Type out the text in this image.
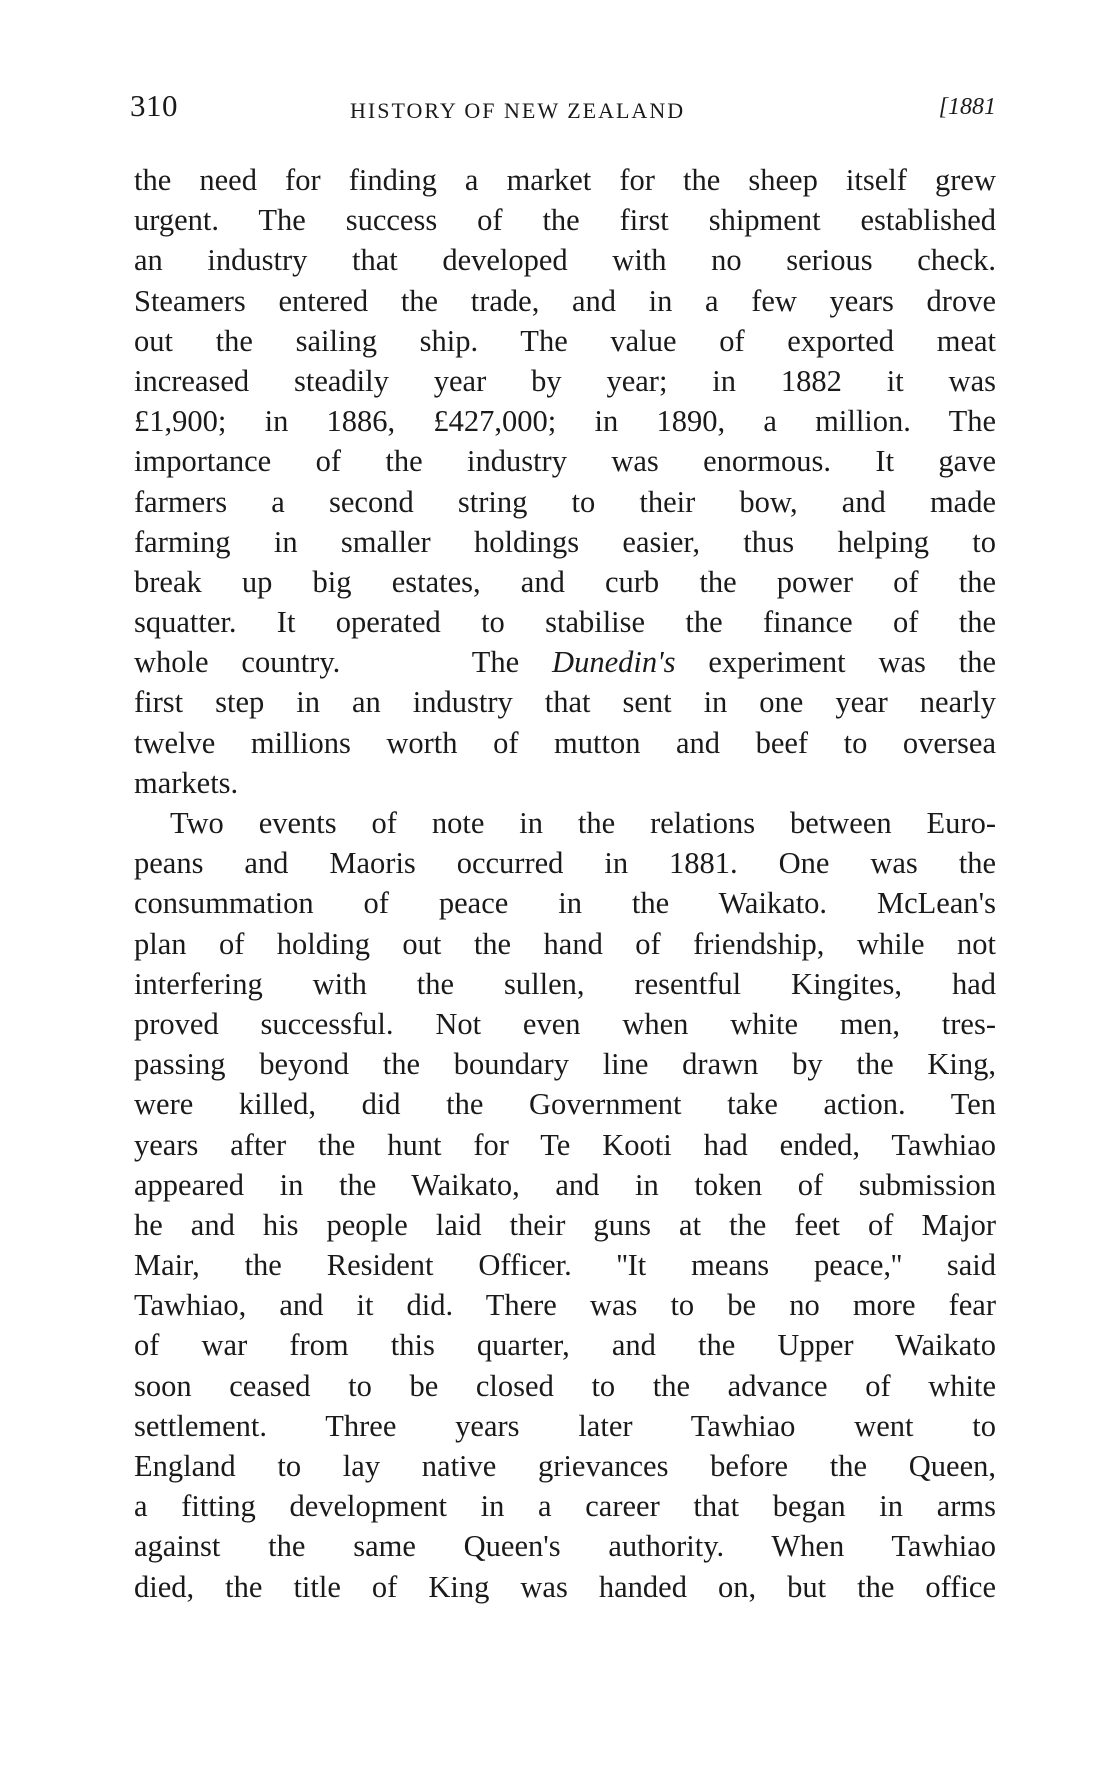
310	HISTORY OF NEW ZEALAND	[1881
the need for finding a market for the sheep itself grew
urgent. The success of the first shipment established
an industry that developed with no serious check.
Steamers entered the trade, and in a few years drove
out the sailing ship. The value of exported meat
increased steadily year by year; in 1882 it was
£1,900; in 1886, £427,000; in 1890, a million. The
importance of the industry was enormous. It gave
farmers a second string to their bow, and made
farming in smaller holdings easier, thus helping to
break up big estates, and curb the power of the
squatter. It operated to stabilise the finance of the
whole country.    The Dunedin's experiment was the
first step in an industry that sent in one year nearly
twelve millions worth of mutton and beef to oversea
markets.
Two events of note in the relations between Euro-
peans and Maoris occurred in 1881. One was the
consummation of peace in the Waikato. McLean's
plan of holding out the hand of friendship, while not
interfering with the sullen, resentful Kingites, had
proved successful. Not even when white men, tres-
passing beyond the boundary line drawn by the King,
were killed, did the Government take action. Ten
years after the hunt for Te Kooti had ended, Tawhiao
appeared in the Waikato, and in token of submission
he and his people laid their guns at the feet of Major
Mair, the Resident Officer. ''It means peace,'' said
Tawhiao, and it did. There was to be no more fear
of war from this quarter, and the Upper Waikato
soon ceased to be closed to the advance of white
settlement. Three years later Tawhiao went to
England to lay native grievances before the Queen,
a fitting development in a career that began in arms
against the same Queen's authority. When Tawhiao
died, the title of King was handed on, but the office
